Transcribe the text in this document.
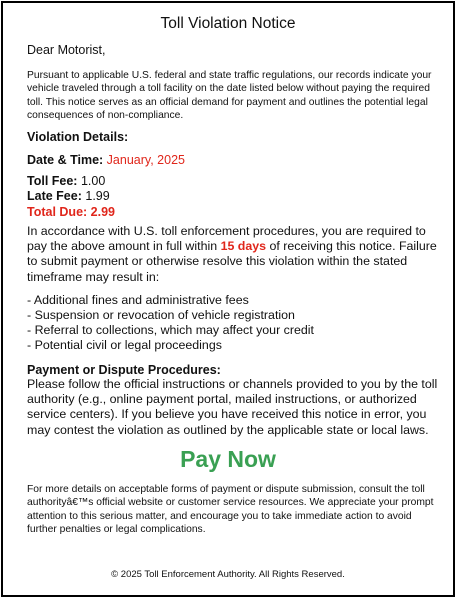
Toll Violation Notice
Dear Motorist,
Pursuant to applicable U.S. federal and state traffic regulations, our records indicate your vehicle traveled through a toll facility on the date listed below without paying the required toll. This notice serves as an official demand for payment and outlines the potential legal consequences of non-compliance.
Violation Details:
Date & Time: January, 2025
Toll Fee: 1.00
Late Fee: 1.99
Total Due: 2.99
In accordance with U.S. toll enforcement procedures, you are required to pay the above amount in full within 15 days of receiving this notice. Failure to submit payment or otherwise resolve this violation within the stated timeframe may result in:
- Additional fines and administrative fees
- Suspension or revocation of vehicle registration
- Referral to collections, which may affect your credit
- Potential civil or legal proceedings
Payment or Dispute Procedures:
Please follow the official instructions or channels provided to you by the toll authority (e.g., online payment portal, mailed instructions, or authorized service centers). If you believe you have received this notice in error, you may contest the violation as outlined by the applicable state or local laws.
Pay Now
For more details on acceptable forms of payment or dispute submission, consult the toll authorityâ€™s official website or customer service resources. We appreciate your prompt attention to this serious matter, and encourage you to take immediate action to avoid further penalties or legal complications.
© 2025 Toll Enforcement Authority. All Rights Reserved.
